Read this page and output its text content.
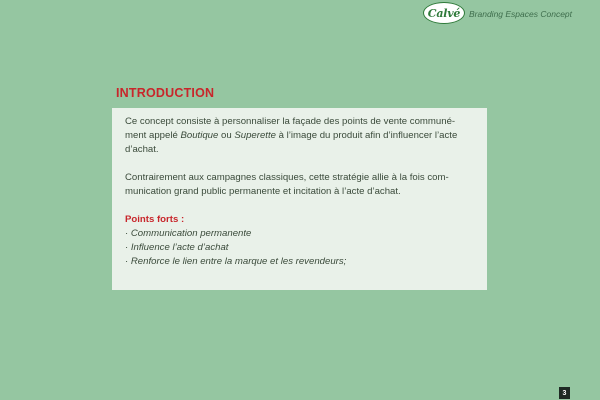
Calvé Branding Espaces Concept
INTRODUCTION

Ce concept consiste à personnaliser la façade des points de vente communé-ment appelé Boutique ou Superette à l’image du produit afin d’influencer l’acte d’achat.

Contrairement aux campagnes classiques, cette stratégie allie à la fois com-munication grand public permanente et incitation à l’acte d’achat.

Points forts :
· Communication permanente
· Influence l’acte d’achat
· Renforce le lien entre la marque et les revendeurs;
3
